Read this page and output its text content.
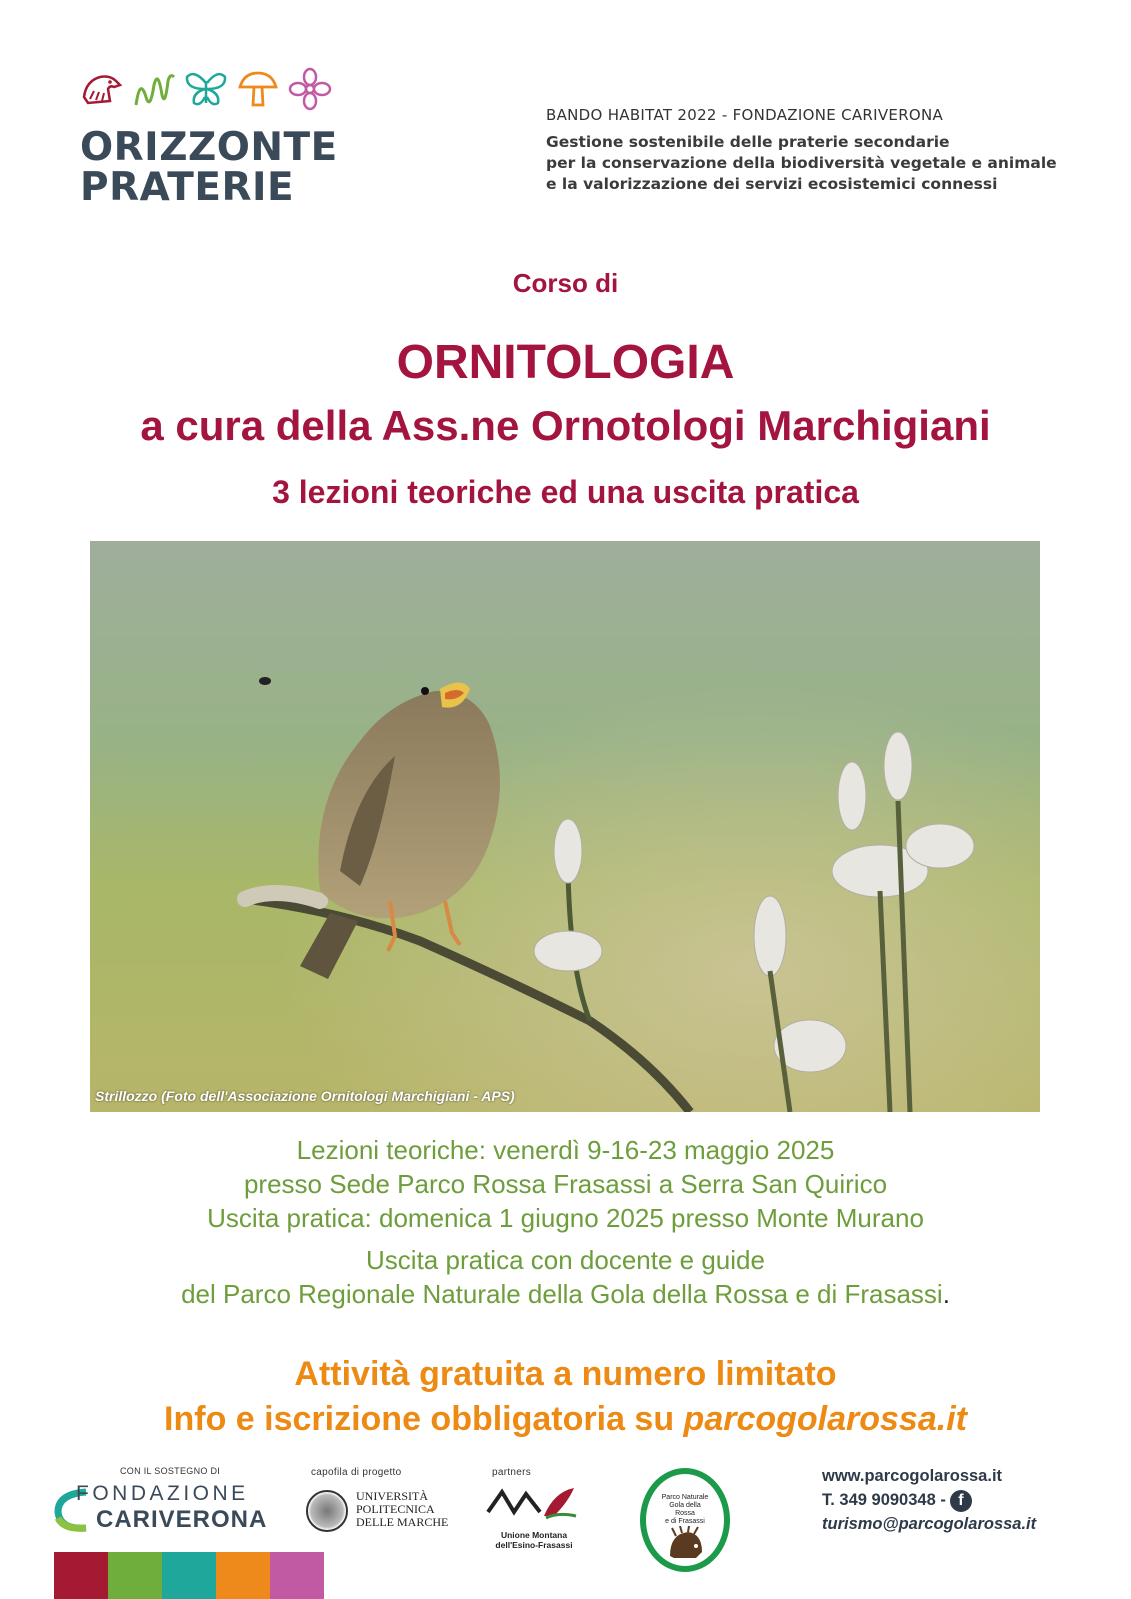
ORIZZONTE
PRATERIE
BANDO HABITAT 2022 - FONDAZIONE CARIVERONA
Gestione sostenibile delle praterie secondarie
per la conservazione della biodiversità vegetale e animale
e la valorizzazione dei servizi ecosistemici connessi
Corso di
ORNITOLOGIA
a cura della Ass.ne Ornotologi Marchigiani
3 lezioni teoriche ed una uscita pratica
Strillozzo (Foto dell'Associazione Ornitologi Marchigiani - APS)
Lezioni teoriche: venerdì 9-16-23 maggio 2025
presso Sede Parco Rossa Frasassi a Serra San Quirico
Uscita pratica: domenica 1 giugno 2025 presso Monte Murano
Uscita pratica con docente e guide
del Parco Regionale Naturale della Gola della Rossa e di Frasassi.
Attività gratuita a numero limitato
Info e iscrizione obbligatoria su parcogolarossa.it
CON IL SOSTEGNO DI
FONDAZIONE
CARIVERONA
capofila di progetto
UNIVERSITÀ
POLITECNICA
DELLE MARCHE
partners
Unione Montana
dell'Esino-Frasassi
Parco Naturale
Gola della Rossa
e di Frasassi
www.parcogolarossa.it
T. 349 9090348 - f
turismo@parcogolarossa.it
